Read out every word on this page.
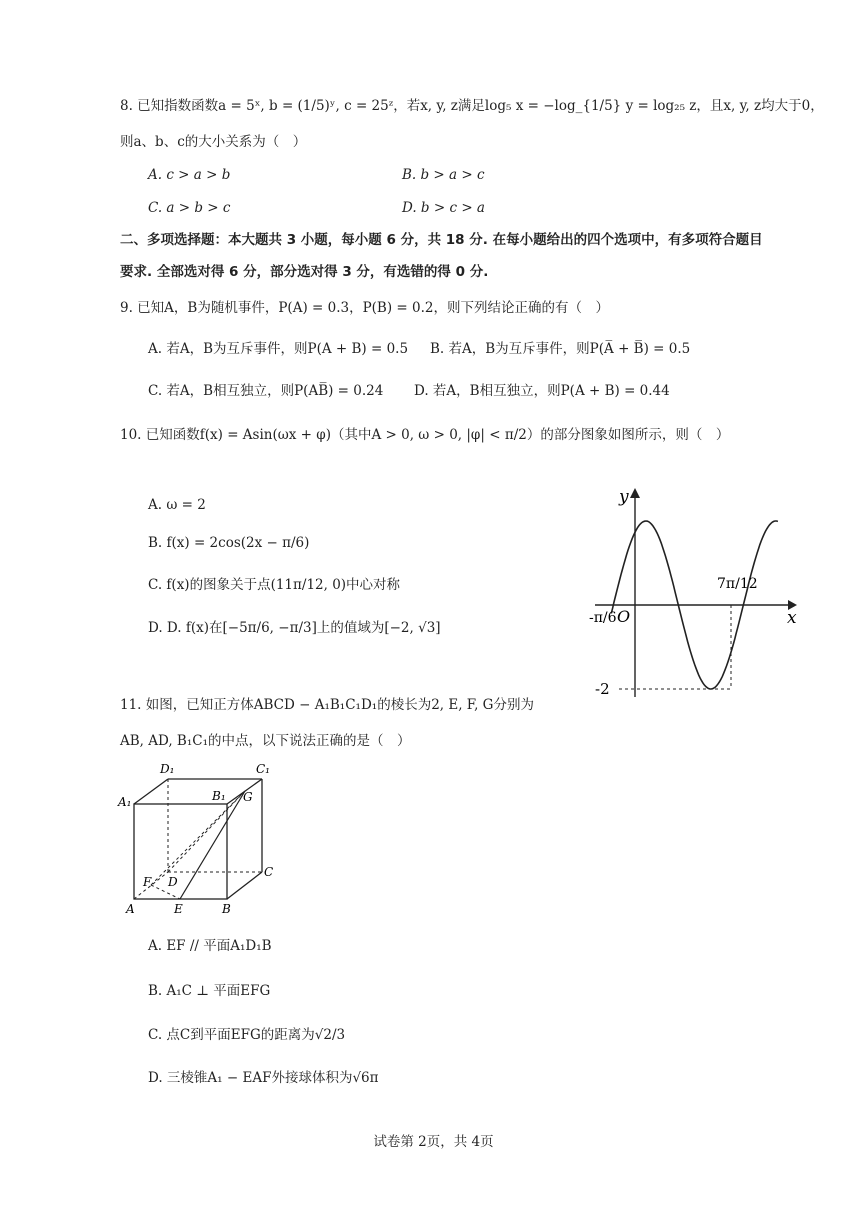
8. 已知指数函数a = 5ˣ, b = (1/5)ʸ, c = 25ᶻ，若x, y, z满足log₅ x = −log_{1/5} y = log₂₅ z，且x, y, z均大于0，
则a、b、c的大小关系为（　）
A. c > a > b	B. b > a > c
C. a > b > c	D. b > c > a
二、多项选择题：本大题共 3 小题，每小题 6 分，共 18 分. 在每小题给出的四个选项中，有多项符合题目
要求. 全部选对得 6 分，部分选对得 3 分，有选错的得 0 分.
9. 已知A，B为随机事件，P(A) = 0.3，P(B) = 0.2，则下列结论正确的有（　）
A. 若A，B为互斥事件，则P(A + B) = 0.5 B. 若A，B为互斥事件，则P(A̅ + B̅) = 0.5
C. 若A，B相互独立，则P(AB̅) = 0.24 D. 若A，B相互独立，则P(A + B) = 0.44
10. 已知函数f(x) = Asin(ωx + φ)（其中A > 0, ω > 0, |φ| < π/2）的部分图象如图所示，则（　）
A. ω = 2
B. f(x) = 2cos(2x − π/6)
C. f(x)的图象关于点(11π/12, 0)中心对称
D. D. f(x)在[−5π/6, −π/3]上的值域为[−2, √3]
y
x
O
-π/6
7π/12
-2
11. 如图，已知正方体ABCD − A₁B₁C₁D₁的棱长为2, E, F, G分别为
AB, AD, B₁C₁的中点，以下说法正确的是（　）
D₁	C₁
A₁	B₁ G
C
F D
A	E	B
A. EF // 平面A₁D₁B
B. A₁C ⊥ 平面EFG
C. 点C到平面EFG的距离为√2/3
D. 三棱锥A₁ − EAF外接球体积为√6π
试卷第 2页，共 4页
